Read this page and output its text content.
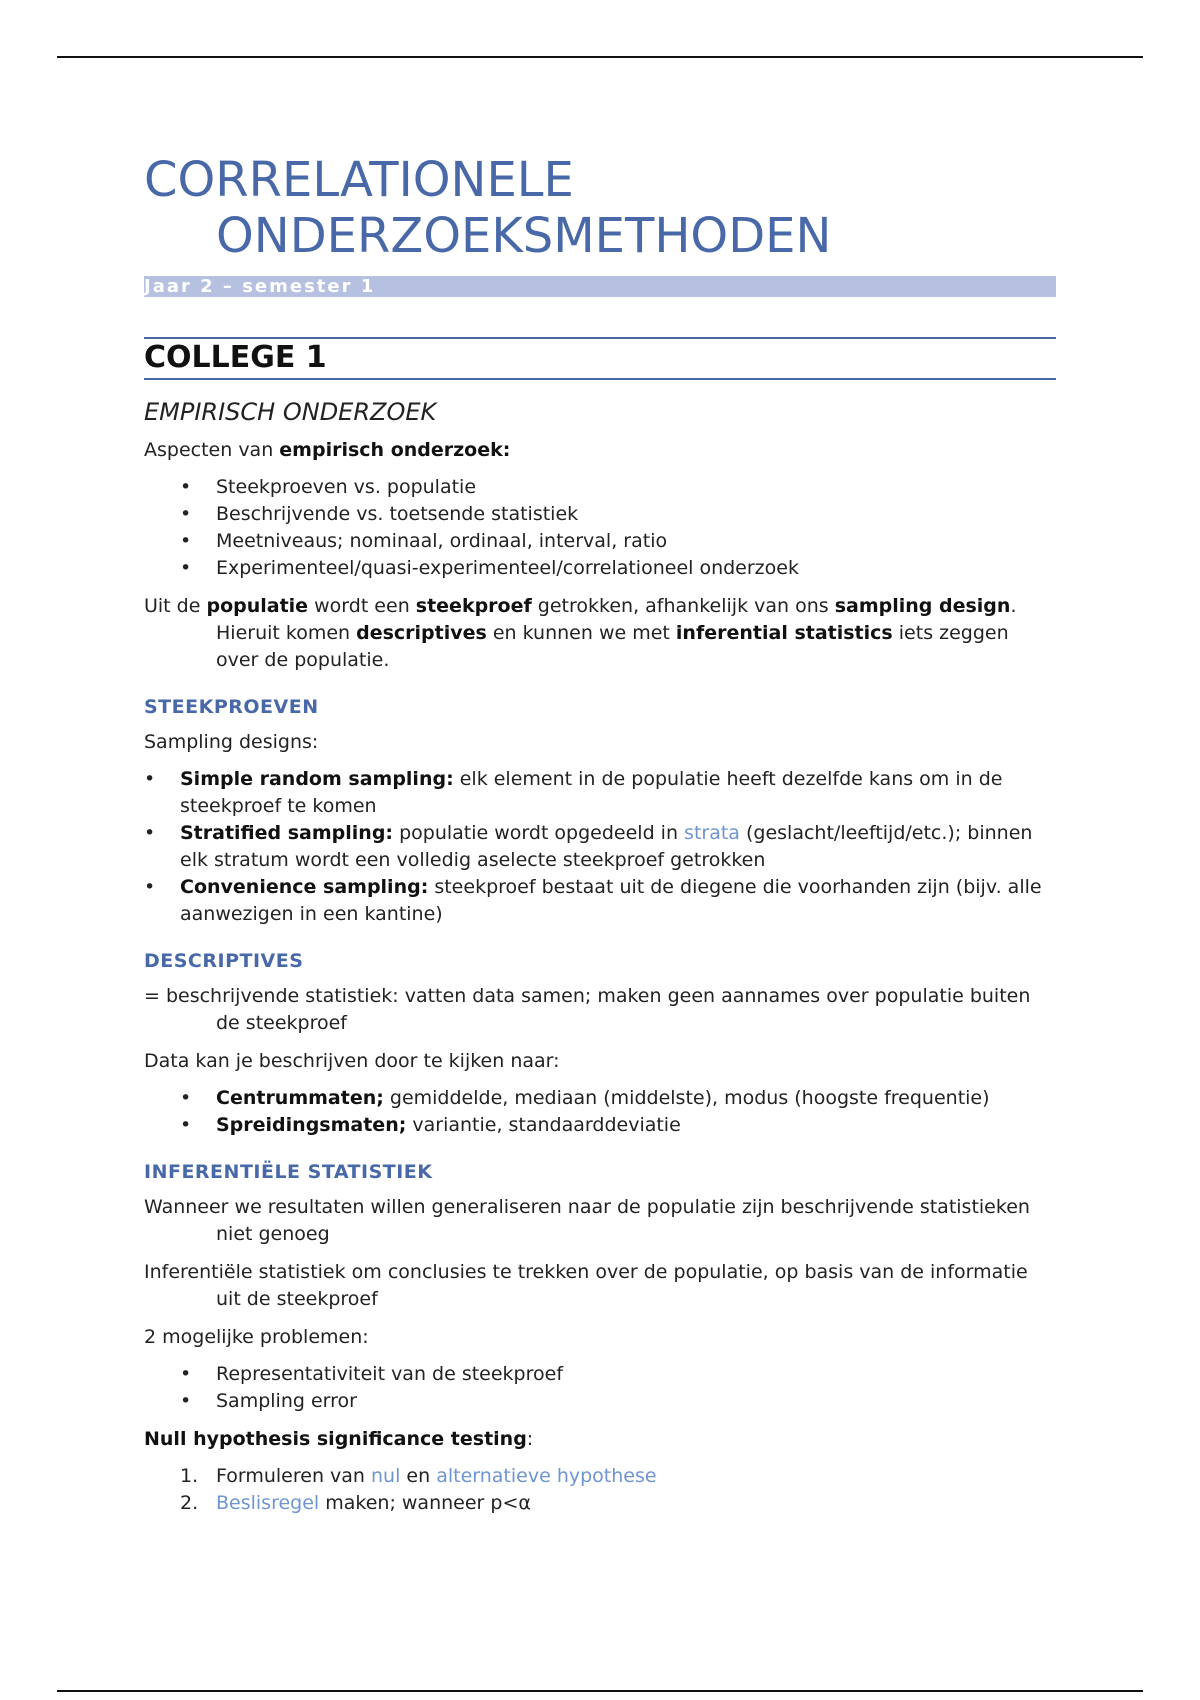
CORRELATIONELE
ONDERZOEKSMETHODEN
Jaar 2 – semester 1
COLLEGE 1
EMPIRISCH ONDERZOEK

Aspecten van empirisch onderzoek:

• Steekproeven vs. populatie
• Beschrijvende vs. toetsende statistiek
• Meetniveaus; nominaal, ordinaal, interval, ratio
• Experimenteel/quasi-experimenteel/correlationeel onderzoek

Uit de populatie wordt een steekproef getrokken, afhankelijk van ons sampling design. Hieruit komen descriptives en kunnen we met inferential statistics iets zeggen over de populatie.

STEEKPROEVEN

Sampling designs:

• Simple random sampling: elk element in de populatie heeft dezelfde kans om in de steekproef te komen
• Stratified sampling: populatie wordt opgedeeld in strata (geslacht/leeftijd/etc.); binnen elk stratum wordt een volledig aselecte steekproef getrokken
• Convenience sampling: steekproef bestaat uit de diegene die voorhanden zijn (bijv. alle aanwezigen in een kantine)
DESCRIPTIVES

= beschrijvende statistiek: vatten data samen; maken geen aannames over populatie buiten de steekproef

Data kan je beschrijven door te kijken naar:

• Centrummaten; gemiddelde, mediaan (middelste), modus (hoogste frequentie)
• Spreidingsmaten; variantie, standaarddeviatie
INFERENTIËLE STATISTIEK

Wanneer we resultaten willen generaliseren naar de populatie zijn beschrijvende statistieken niet genoeg

Inferentiële statistiek om conclusies te trekken over de populatie, op basis van de informatie uit de steekproef

2 mogelijke problemen:

• Representativiteit van de steekproef
• Sampling error

Null hypothesis significance testing:

1. Formuleren van nul en alternatieve hypothese
2. Beslisregel maken; wanneer p<α
